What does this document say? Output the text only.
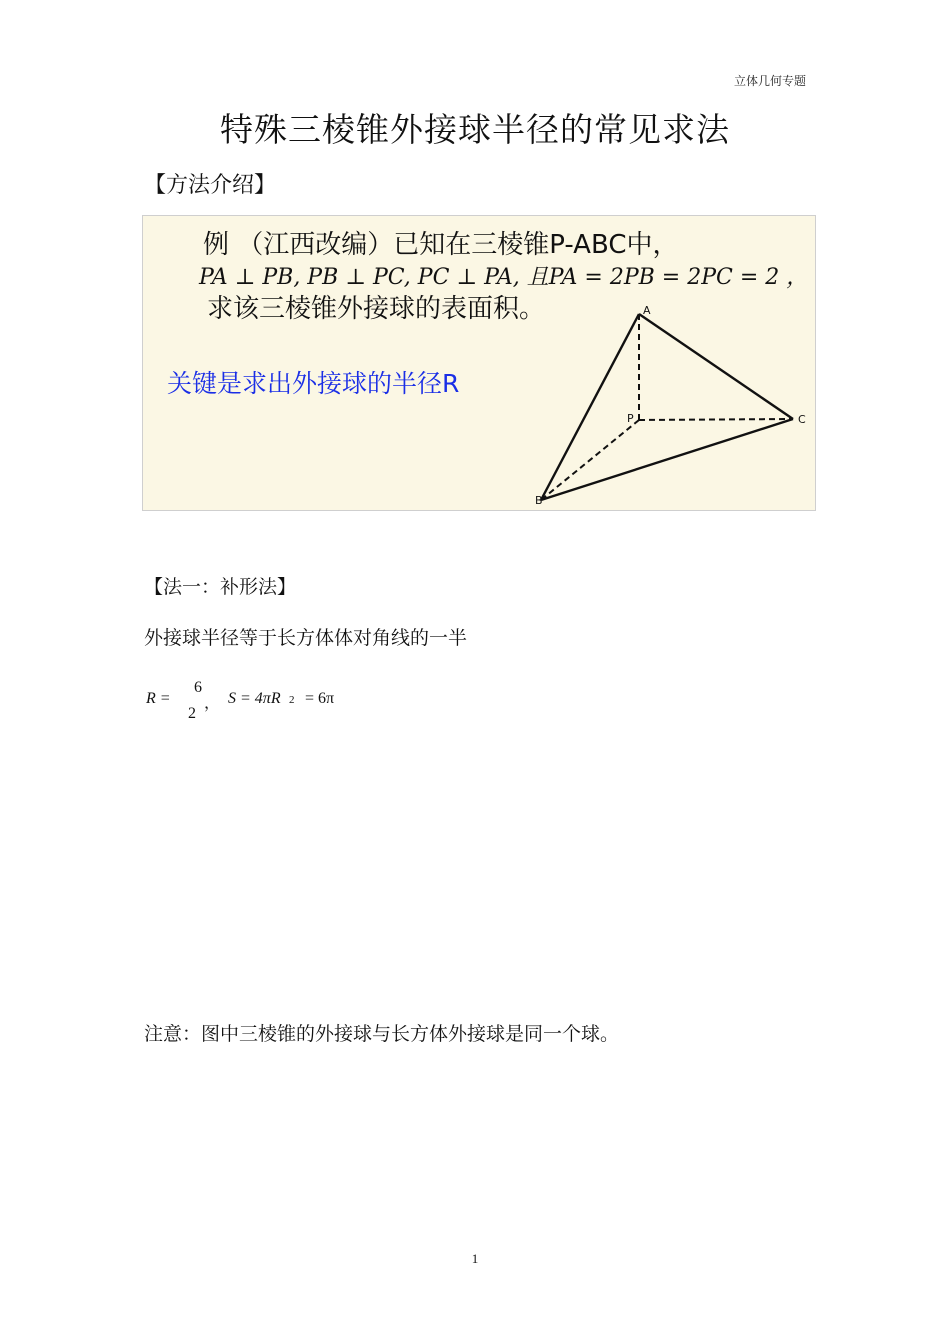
立体几何专题
特殊三棱锥外接球半径的常见求法
【方法介绍】
例 （江西改编）已知在三棱锥P-ABC中，
PA ⊥ PB, PB ⊥ PC, PC ⊥ PA, 且PA = 2PB = 2PC = 2 ，
求该三棱锥外接球的表面积。
关键是求出外接球的半径R
A
P	C
B
【法一：补形法】
外接球半径等于长方体体对角线的一半
R =
6
2
， S = 4πR 2 = 6π
注意：图中三棱锥的外接球与长方体外接球是同一个球。
1
